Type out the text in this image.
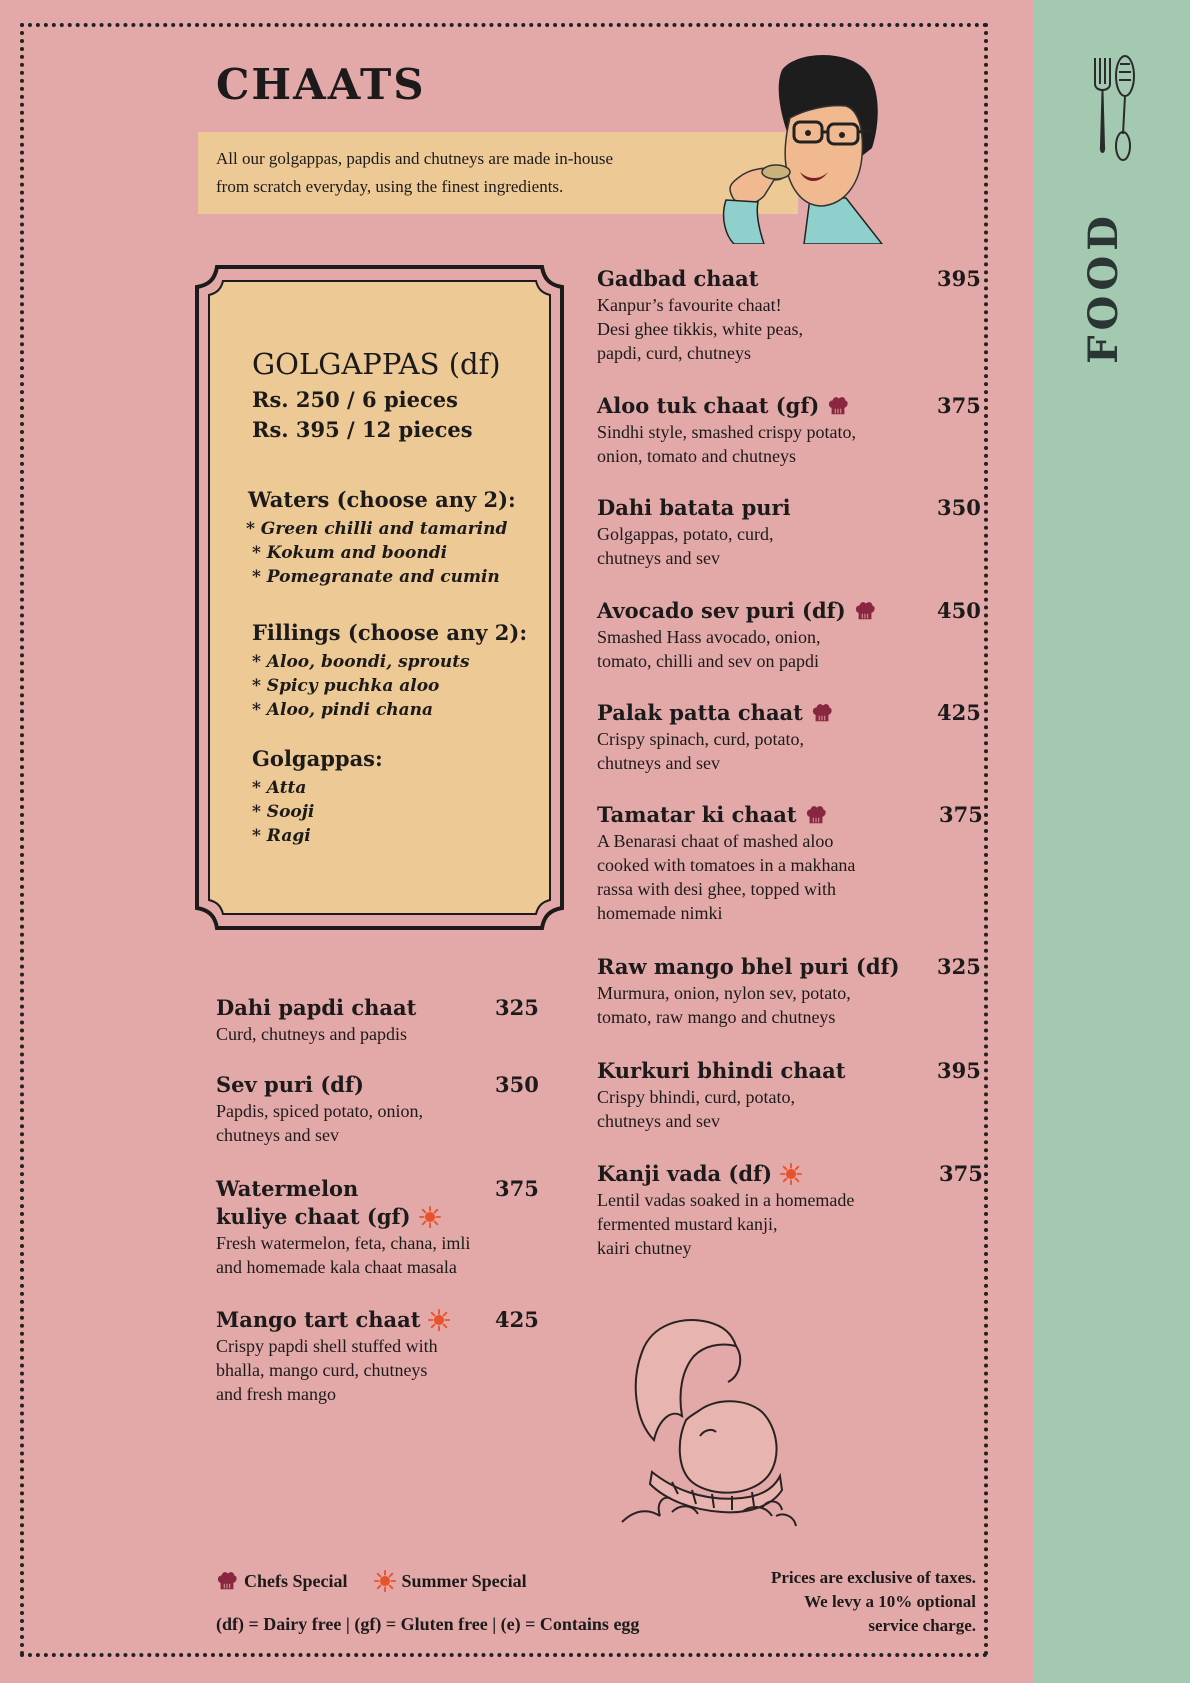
CHAATS

All our golgappas, papdis and chutneys are made in-house
from scratch everyday, using the finest ingredients.

GOLGAPPAS (df)

Rs. 250 / 6 pieces

Rs. 395 / 12 pieces

Waters (choose any 2):

* Green chilli and tamarind
* Kokum and boondi
* Pomegranate and cumin

Fillings (choose any 2):

* Aloo, boondi, sprouts
* Spicy puchka aloo
* Aloo, pindi chana

Golgappas:

* Atta
* Sooji
* Ragi
Dahi papdi chaat	325
Curd, chutneys and papdis
Sev puri (df)	350
Papdis, spiced potato, onion,
chutneys and sev
Watermelon
kuliye chaat (gf)
375
Fresh watermelon, feta, chana, imli
and homemade kala chaat masala
Mango tart chaat	425
Crispy papdi shell stuffed with
bhalla, mango curd, chutneys
and fresh mango
Gadbad chaat	395
Kanpur’s favourite chaat!
Desi ghee tikkis, white peas,
papdi, curd, chutneys
Aloo tuk chaat (gf)	375
Sindhi style, smashed crispy potato,
onion, tomato and chutneys
Dahi batata puri	350
Golgappas, potato, curd,
chutneys and sev
Avocado sev puri (df)	450
Smashed Hass avocado, onion,
tomato, chilli and sev on papdi
Palak patta chaat	425
Crispy spinach, curd, potato,
chutneys and sev
Tamatar ki chaat	375
A Benarasi chaat of mashed aloo
cooked with tomatoes in a makhana
rassa with desi ghee, topped with
homemade nimki
Raw mango bhel puri (df)	325
Murmura, onion, nylon sev, potato,
tomato, raw mango and chutneys
Kurkuri bhindi chaat	395
Crispy bhindi, curd, potato,
chutneys and sev
Kanji vada (df)	375
Lentil vadas soaked in a homemade
fermented mustard kanji,
kairi chutney
Chefs Special	Summer Special
(df) = Dairy free | (gf) = Gluten free | (e) = Contains egg
Prices are exclusive of taxes.
We levy a 10% optional
service charge.
FOOD
